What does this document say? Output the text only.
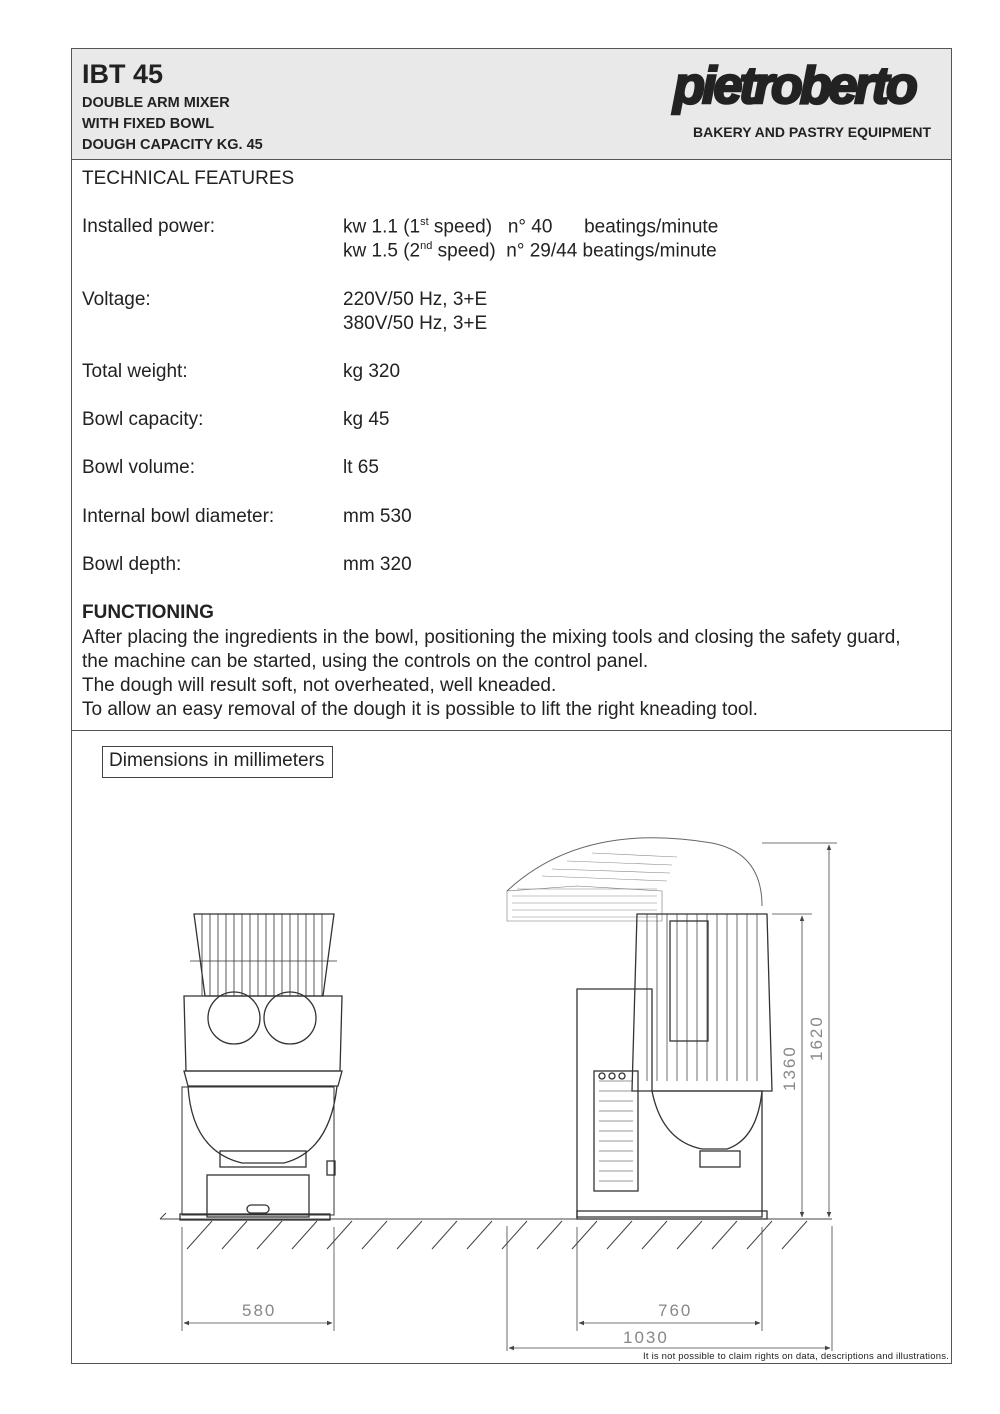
IBT 45
DOUBLE ARM MIXER
WITH FIXED BOWL
DOUGH CAPACITY KG. 45
pietroberto
BAKERY AND PASTRY EQUIPMENT
TECHNICAL FEATURES
Installed power:	kw 1.1 (1st speed)   n° 40      beatings/minute
kw 1.5 (2nd speed)  n° 29/44 beatings/minute
Voltage:	220V/50 Hz, 3+E
380V/50 Hz, 3+E
Total weight:	kg 320
Bowl capacity:	kg 45
Bowl volume:	lt 65
Internal bowl diameter:	mm 530
Bowl depth:	mm 320
FUNCTIONING
After placing the ingredients in the bowl, positioning the mixing tools and closing the safety guard,
the machine can be started, using the controls on the control panel.
The dough will result soft, not overheated, well kneaded.
To allow an easy removal of the dough it is possible to lift the right kneading tool.
580	760
1030
1360
1620
Dimensions in millimeters
It is not possible to claim rights on data, descriptions and illustrations.
